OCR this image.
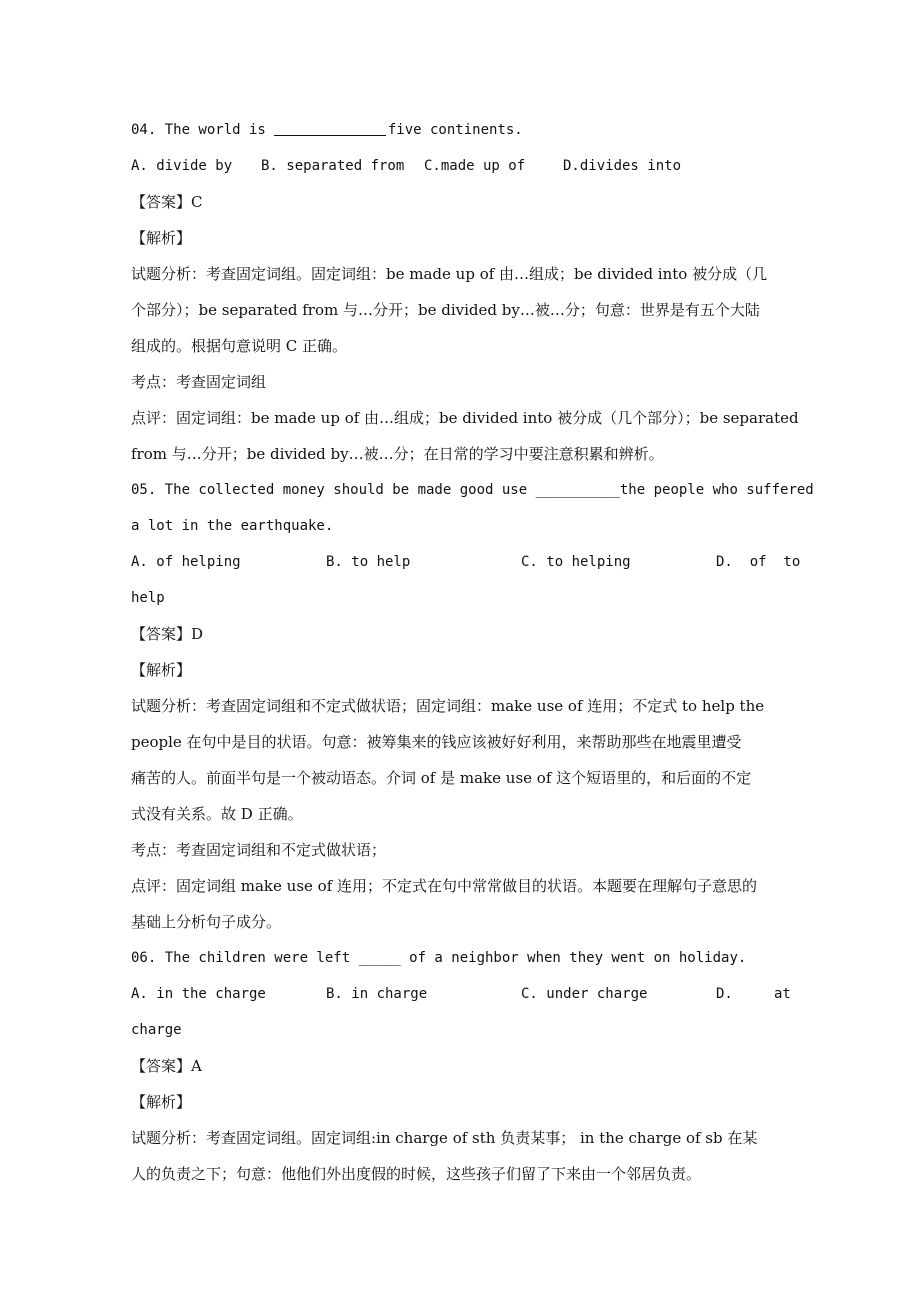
04. The world is	five continents.
A. divide by	B. separated from	C.made up of	D.divides into
【答案】C
【解析】
试题分析：考查固定词组。固定词组：be made up of 由…组成；be divided into 被分成（几
个部分）；be separated from 与…分开；be divided by…被…分；句意：世界是有五个大陆
组成的。根据句意说明 C 正确。
考点：考查固定词组
点评：固定词组：be made up of 由…组成；be divided into 被分成（几个部分）；be separated
from 与…分开；be divided by…被…分；在日常的学习中要注意积累和辨析。
05. The collected money should be made good use __________the people who suffered
a lot in the earthquake.
A. of helping	B. to help	C. to helping	D.  of  to
help
【答案】D
【解析】
试题分析：考查固定词组和不定式做状语；固定词组：make use of 连用；不定式 to help the
people 在句中是目的状语。句意：被筹集来的钱应该被好好利用，来帮助那些在地震里遭受
痛苦的人。前面半句是一个被动语态。介词 of 是 make use of 这个短语里的，和后面的不定
式没有关系。故 D 正确。
考点：考查固定词组和不定式做状语；
点评：固定词组 make use of 连用；不定式在句中常常做目的状语。本题要在理解句子意思的
基础上分析句子成分。
06. The children were left _____ of a neighbor when they went on holiday.
A. in the charge	B. in charge	C. under charge	D.	at
charge
【答案】A
【解析】
试题分析：考查固定词组。固定词组:in charge of sth 负责某事； in the charge of sb 在某
人的负责之下；句意：他他们外出度假的时候，这些孩子们留了下来由一个邻居负责。
